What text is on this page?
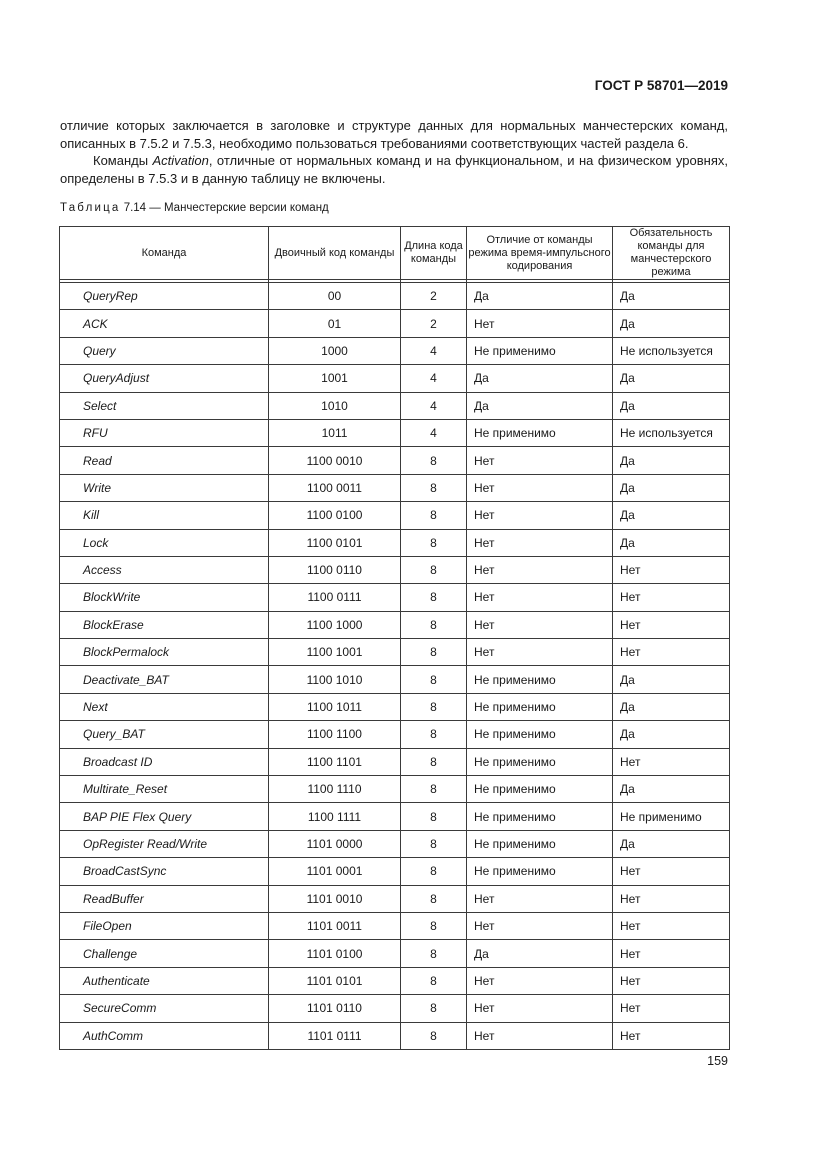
ГОСТ Р 58701—2019

отличие которых заключается в заголовке и структуре данных для нормальных манчестерских команд, описанных в 7.5.2 и 7.5.3, необходимо пользоваться требованиями соответствующих частей раздела 6.

Команды Activation, отличные от нормальных команд и на функциональном, и на физическом уровнях, определены в 7.5.3 и в данную таблицу не включены.

Таблица 7.14 — Манчестерские версии команд
Команда	Двоичный код команды	Длина кода команды	Отличие от команды режима время-импульсного кодирования	Обязательность команды для манчестерского режима

QueryRep	00	2	Да	Да
ACK	01	2	Нет	Да
Query	1000	4	Не применимо	Не используется
QueryAdjust	1001	4	Да	Да
Select	1010	4	Да	Да
RFU	1011	4	Не применимо	Не используется
Read	1100 0010	8	Нет	Да
Write	1100 0011	8	Нет	Да
Kill	1100 0100	8	Нет	Да
Lock	1100 0101	8	Нет	Да
Access	1100 0110	8	Нет	Нет
BlockWrite	1100 0111	8	Нет	Нет
BlockErase	1100 1000	8	Нет	Нет
BlockPermalock	1100 1001	8	Нет	Нет
Deactivate_BAT	1100 1010	8	Не применимо	Да
Next	1100 1011	8	Не применимо	Да
Query_BAT	1100 1100	8	Не применимо	Да
Broadcast ID	1100 1101	8	Не применимо	Нет
Multirate_Reset	1100 1110	8	Не применимо	Да
BAP PIE Flex Query	1100 1111	8	Не применимо	Не применимо
OpRegister Read/Write	1101 0000	8	Не применимо	Да
BroadCastSync	1101 0001	8	Не применимо	Нет
ReadBuffer	1101 0010	8	Нет	Нет
FileOpen	1101 0011	8	Нет	Нет
Challenge	1101 0100	8	Да	Нет
Authenticate	1101 0101	8	Нет	Нет
SecureComm	1101 0110	8	Нет	Нет
AuthComm	1101 0111	8	Нет	Нет
159
